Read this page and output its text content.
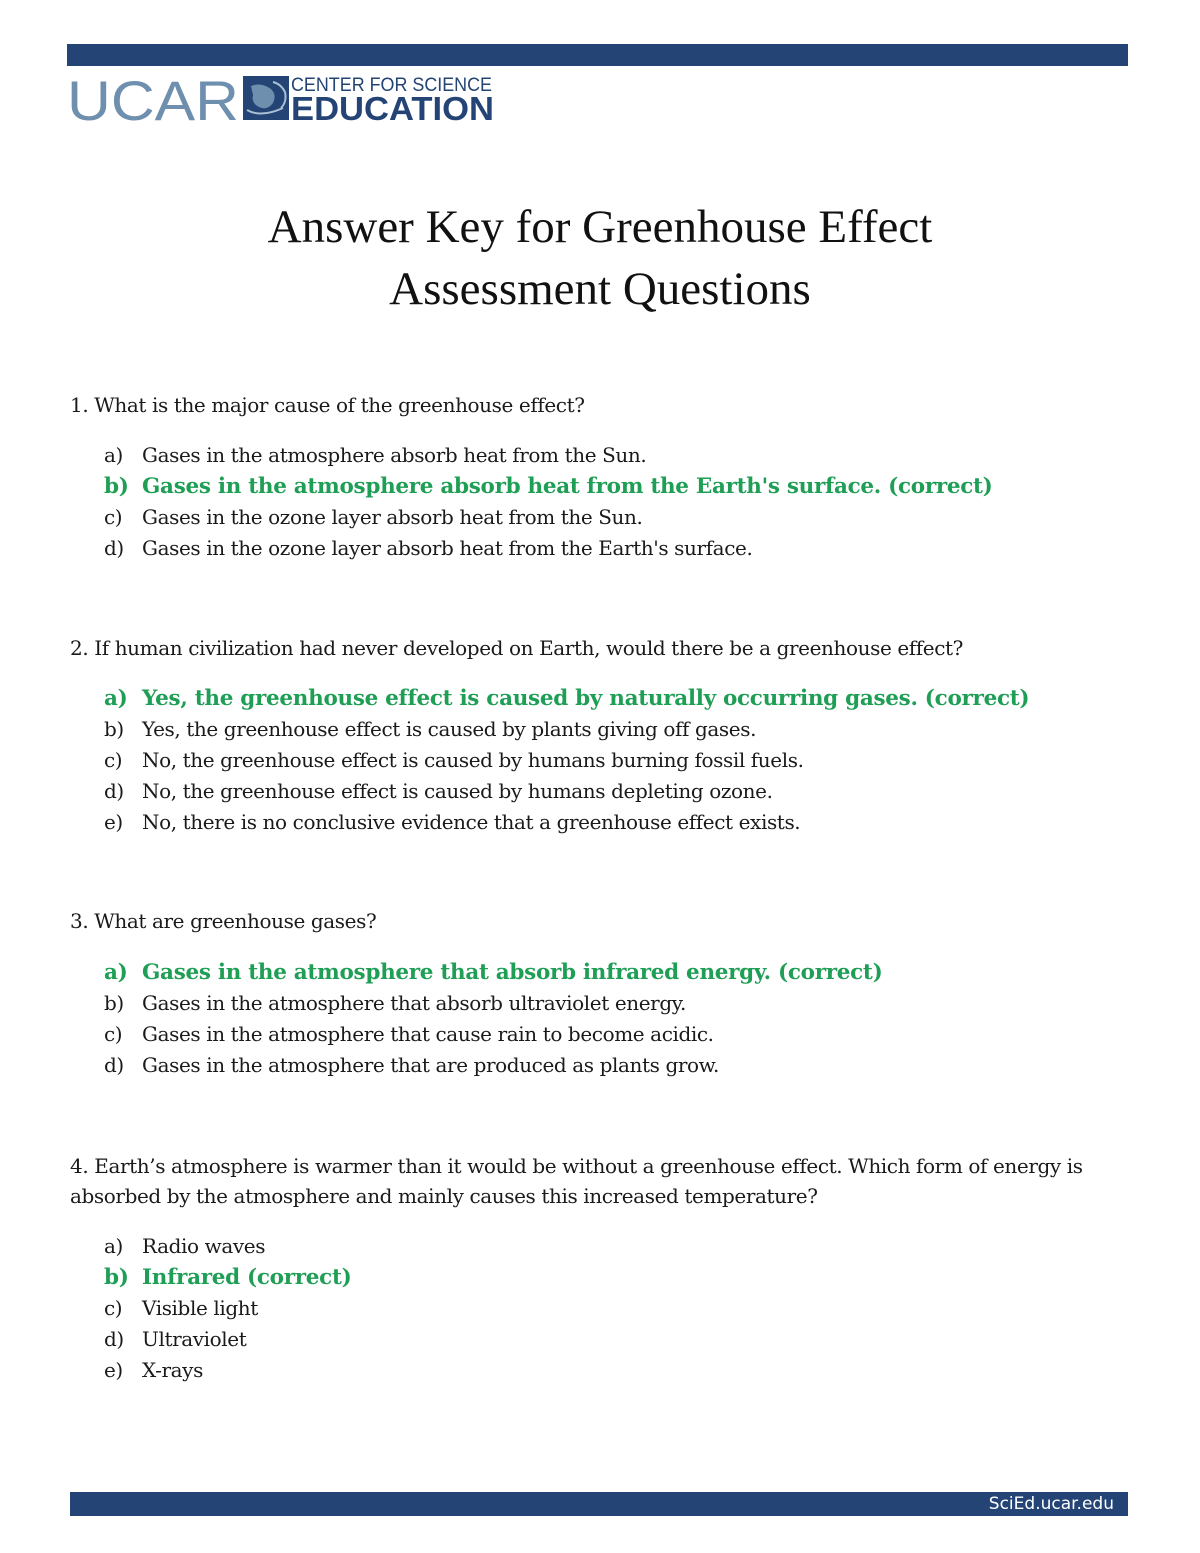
UCAR	CENTER FOR SCIENCE
EDUCATION
Answer Key for Greenhouse Effect
Assessment Questions

1. What is the major cause of the greenhouse effect?

a) Gases in the atmosphere absorb heat from the Sun.
b) Gases in the atmosphere absorb heat from the Earth's surface. (correct)
c) Gases in the ozone layer absorb heat from the Sun.
d) Gases in the ozone layer absorb heat from the Earth's surface.

2. If human civilization had never developed on Earth, would there be a greenhouse effect?

a) Yes, the greenhouse effect is caused by naturally occurring gases. (correct)
b) Yes, the greenhouse effect is caused by plants giving off gases.
c) No, the greenhouse effect is caused by humans burning fossil fuels.
d) No, the greenhouse effect is caused by humans depleting ozone.
e) No, there is no conclusive evidence that a greenhouse effect exists.

3. What are greenhouse gases?

a) Gases in the atmosphere that absorb infrared energy. (correct)
b) Gases in the atmosphere that absorb ultraviolet energy.
c) Gases in the atmosphere that cause rain to become acidic.
d) Gases in the atmosphere that are produced as plants grow.

4. Earth’s atmosphere is warmer than it would be without a greenhouse effect. Which form of energy is absorbed by the atmosphere and mainly causes this increased temperature?

a) Radio waves
b) Infrared (correct)
c) Visible light
d) Ultraviolet
e) X-rays
SciEd.ucar.edu
